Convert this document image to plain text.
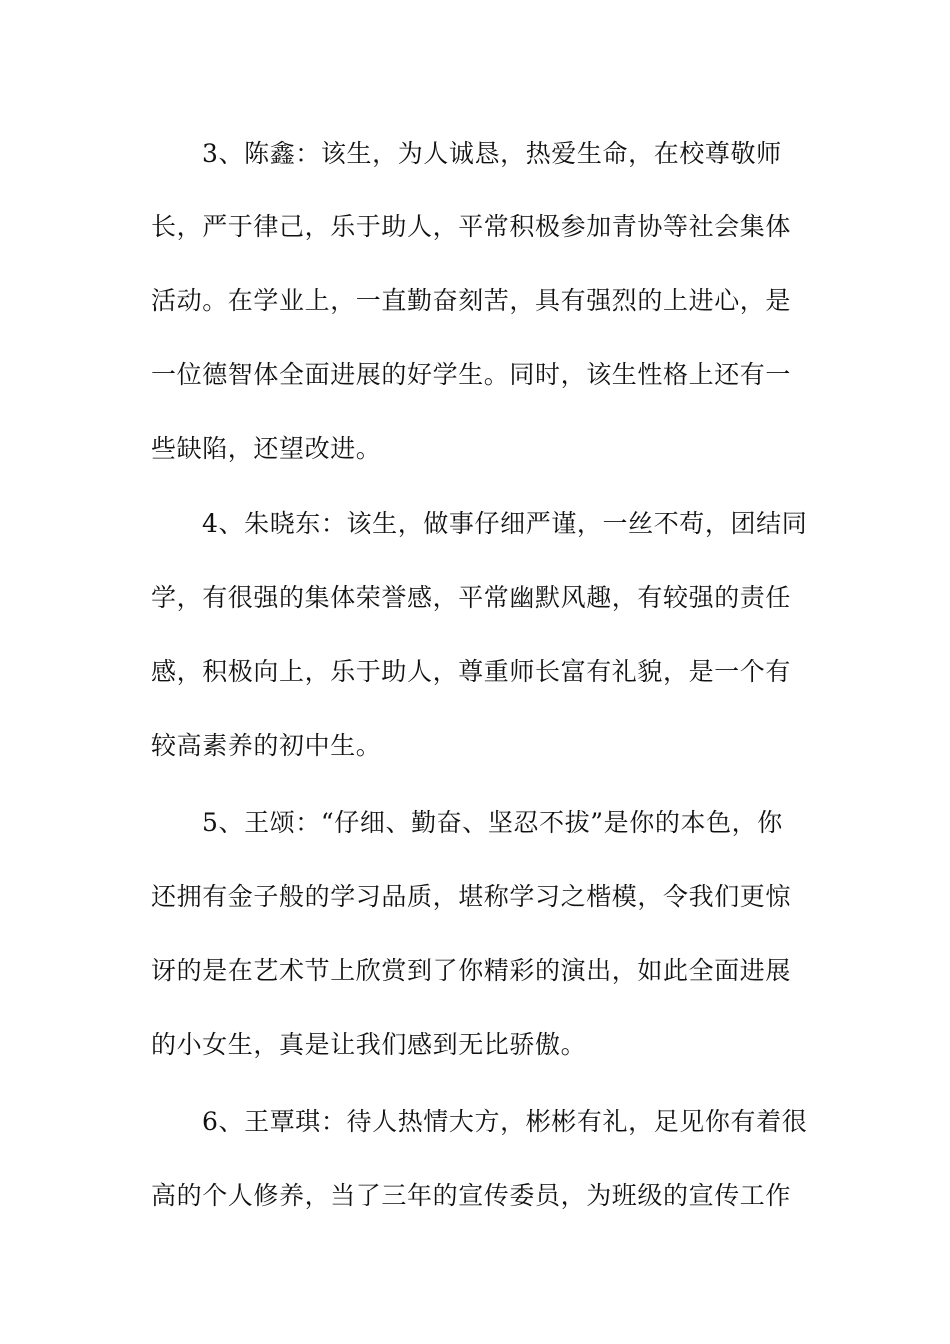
3、陈鑫：该生，为人诚恳，热爱生命，在校尊敬师
长，严于律己，乐于助人，平常积极参加青协等社会集体
活动。在学业上，一直勤奋刻苦，具有强烈的上进心，是
一位德智体全面进展的好学生。同时，该生性格上还有一
些缺陷，还望改进。
4、朱晓东：该生，做事仔细严谨，一丝不苟，团结同
学，有很强的集体荣誉感，平常幽默风趣，有较强的责任
感，积极向上，乐于助人，尊重师长富有礼貌，是一个有
较高素养的初中生。
5、王颂：“仔细、勤奋、坚忍不拔”是你的本色，你
还拥有金子般的学习品质，堪称学习之楷模，令我们更惊
讶的是在艺术节上欣赏到了你精彩的演出，如此全面进展
的小女生，真是让我们感到无比骄傲。
6、王覃琪：待人热情大方，彬彬有礼，足见你有着很
高的个人修养，当了三年的宣传委员，为班级的宣传工作
